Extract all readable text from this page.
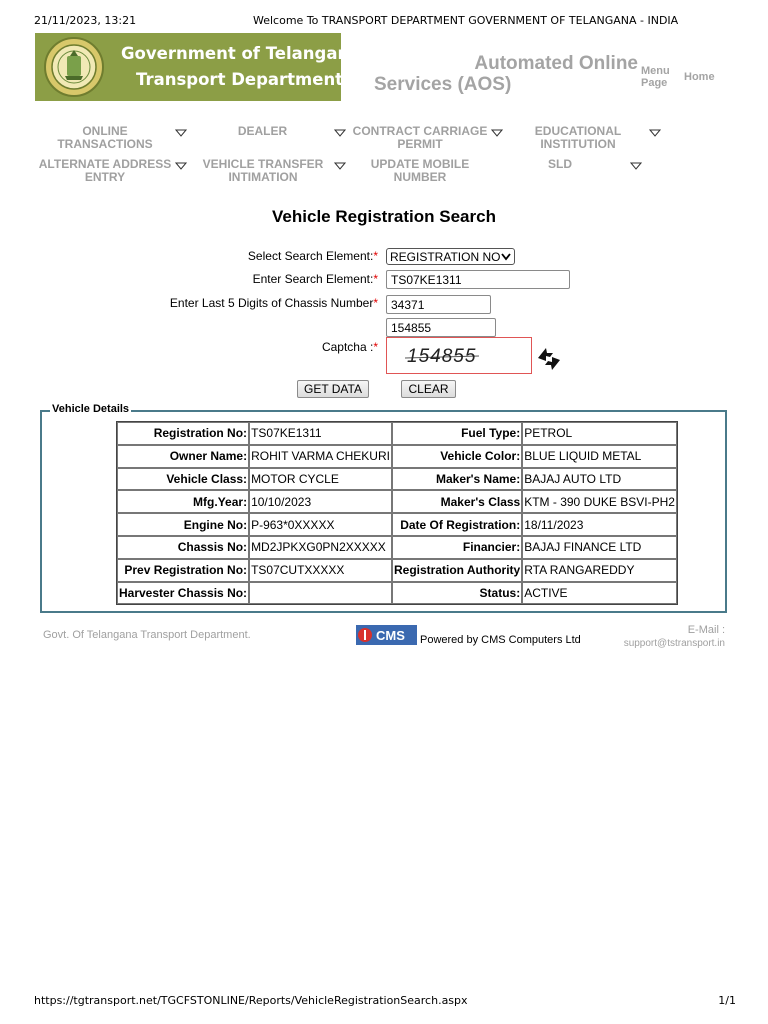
21/11/2023, 13:21	Welcome To TRANSPORT DEPARTMENT GOVERNMENT OF TELANGANA - INDIA
Government of Telangana
Transport Department
Automated Online
Services (AOS)
Menu
Page Home
ONLINE
TRANSACTIONS
DEALER	CONTRACT CARRIAGE
PERMIT
EDUCATIONAL
INSTITUTION
ALTERNATE ADDRESS
ENTRY
VEHICLE TRANSFER
INTIMATION
UPDATE MOBILE
NUMBER
SLD

Vehicle Registration Search
Select Search Element:*	REGISTRATION NO
Enter Search Element:*	TS07KE1311
Enter Last 5 Digits of Chassis Number*	34371
154855
Captcha :* 154855
GET DATA	CLEAR
Vehicle Details
Registration No:	TS07KE1311	Fuel Type:	PETROL
Owner Name:	ROHIT VARMA CHEKURI	Vehicle Color:	BLUE LIQUID METAL
Vehicle Class:	MOTOR CYCLE	Maker's Name:	BAJAJ AUTO LTD
Mfg.Year:	10/10/2023	Maker's Class	KTM - 390 DUKE BSVI-PH2
Engine No:	P-963*0XXXXX	Date Of Registration:	18/11/2023
Chassis No:	MD2JPKXG0PN2XXXXX	Financier:	BAJAJ FINANCE LTD
Prev Registration No:	TS07CUTXXXXX	Registration Authority	RTA RANGAREDDY
Harvester Chassis No:		Status:	ACTIVE
Govt. Of Telangana Transport Department.	CMS Powered by CMS Computers Ltd
E-Mail :
support@tstransport.in
https://tgtransport.net/TGCFSTONLINE/Reports/VehicleRegistrationSearch.aspx	1/1
